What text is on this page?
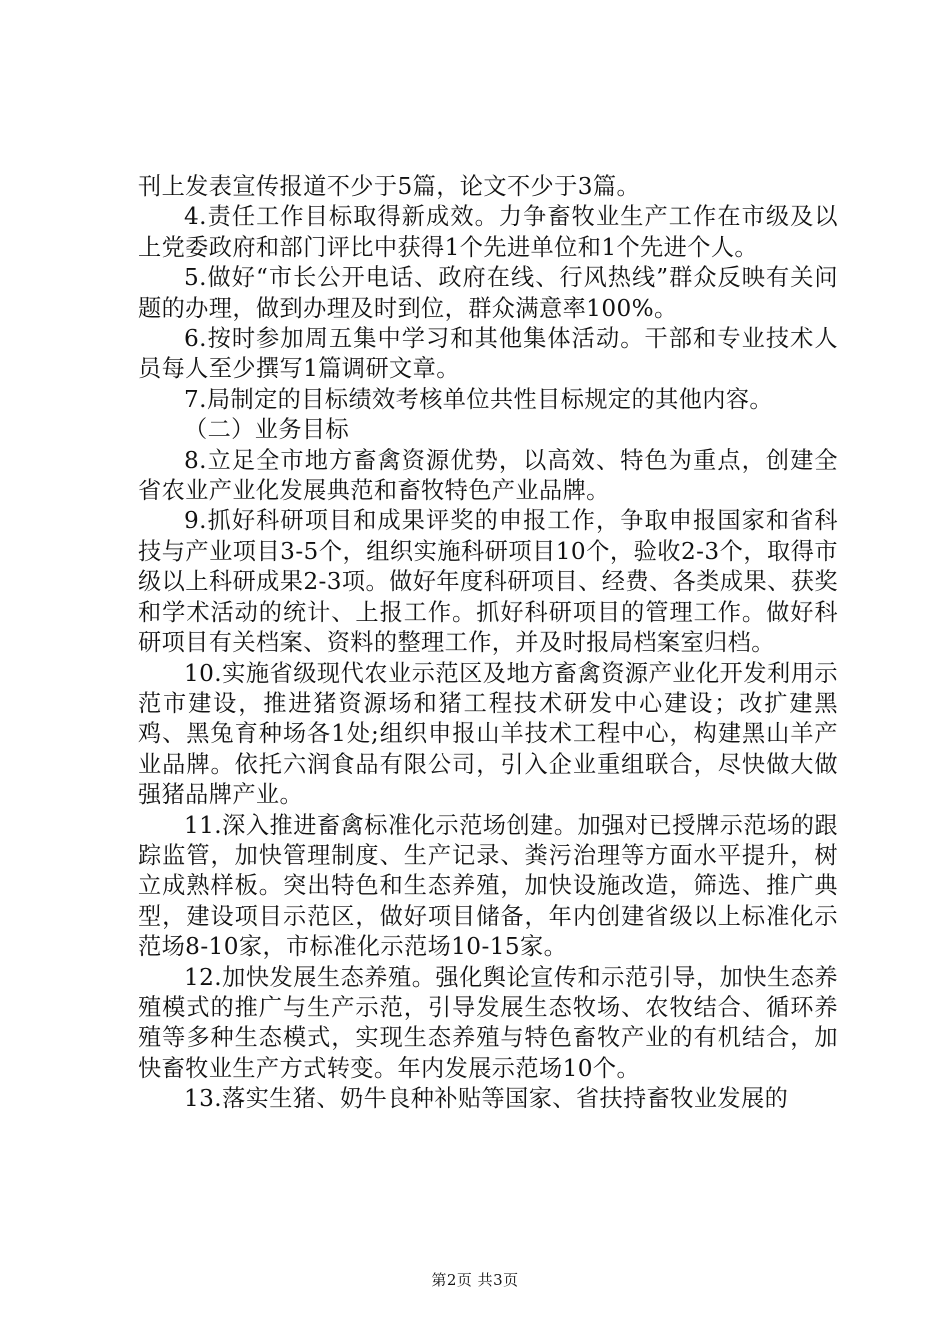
刊上发表宣传报道不少于5篇，论文不少于3篇。

4.责任工作目标取得新成效。力争畜牧业生产工作在市级及以上党委政府和部门评比中获得1个先进单位和1个先进个人。

5.做好“市长公开电话、政府在线、行风热线”群众反映有关问题的办理，做到办理及时到位，群众满意率100%。

6.按时参加周五集中学习和其他集体活动。干部和专业技术人员每人至少撰写1篇调研文章。

7.局制定的目标绩效考核单位共性目标规定的其他内容。

（二）业务目标

8.立足全市地方畜禽资源优势，以高效、特色为重点，创建全省农业产业化发展典范和畜牧特色产业品牌。

9.抓好科研项目和成果评奖的申报工作，争取申报国家和省科技与产业项目3-5个，组织实施科研项目10个，验收2-3个，取得市级以上科研成果2-3项。做好年度科研项目、经费、各类成果、获奖和学术活动的统计、上报工作。抓好科研项目的管理工作。做好科研项目有关档案、资料的整理工作，并及时报局档案室归档。

10.实施省级现代农业示范区及地方畜禽资源产业化开发利用示范市建设，推进猪资源场和猪工程技术研发中心建设；改扩建黑鸡、黑兔育种场各1处;组织申报山羊技术工程中心，构建黑山羊产业品牌。依托六润食品有限公司，引入企业重组联合，尽快做大做强猪品牌产业。

11.深入推进畜禽标准化示范场创建。加强对已授牌示范场的跟踪监管，加快管理制度、生产记录、粪污治理等方面水平提升，树立成熟样板。突出特色和生态养殖，加快设施改造，筛选、推广典型，建设项目示范区，做好项目储备，年内创建省级以上标准化示范场8-10家，市标准化示范场10-15家。

12.加快发展生态养殖。强化舆论宣传和示范引导，加快生态养殖模式的推广与生产示范，引导发展生态牧场、农牧结合、循环养殖等多种生态模式，实现生态养殖与特色畜牧产业的有机结合，加快畜牧业生产方式转变。年内发展示范场10个。

13.落实生猪、奶牛良种补贴等国家、省扶持畜牧业发展的

第2页 共3页
